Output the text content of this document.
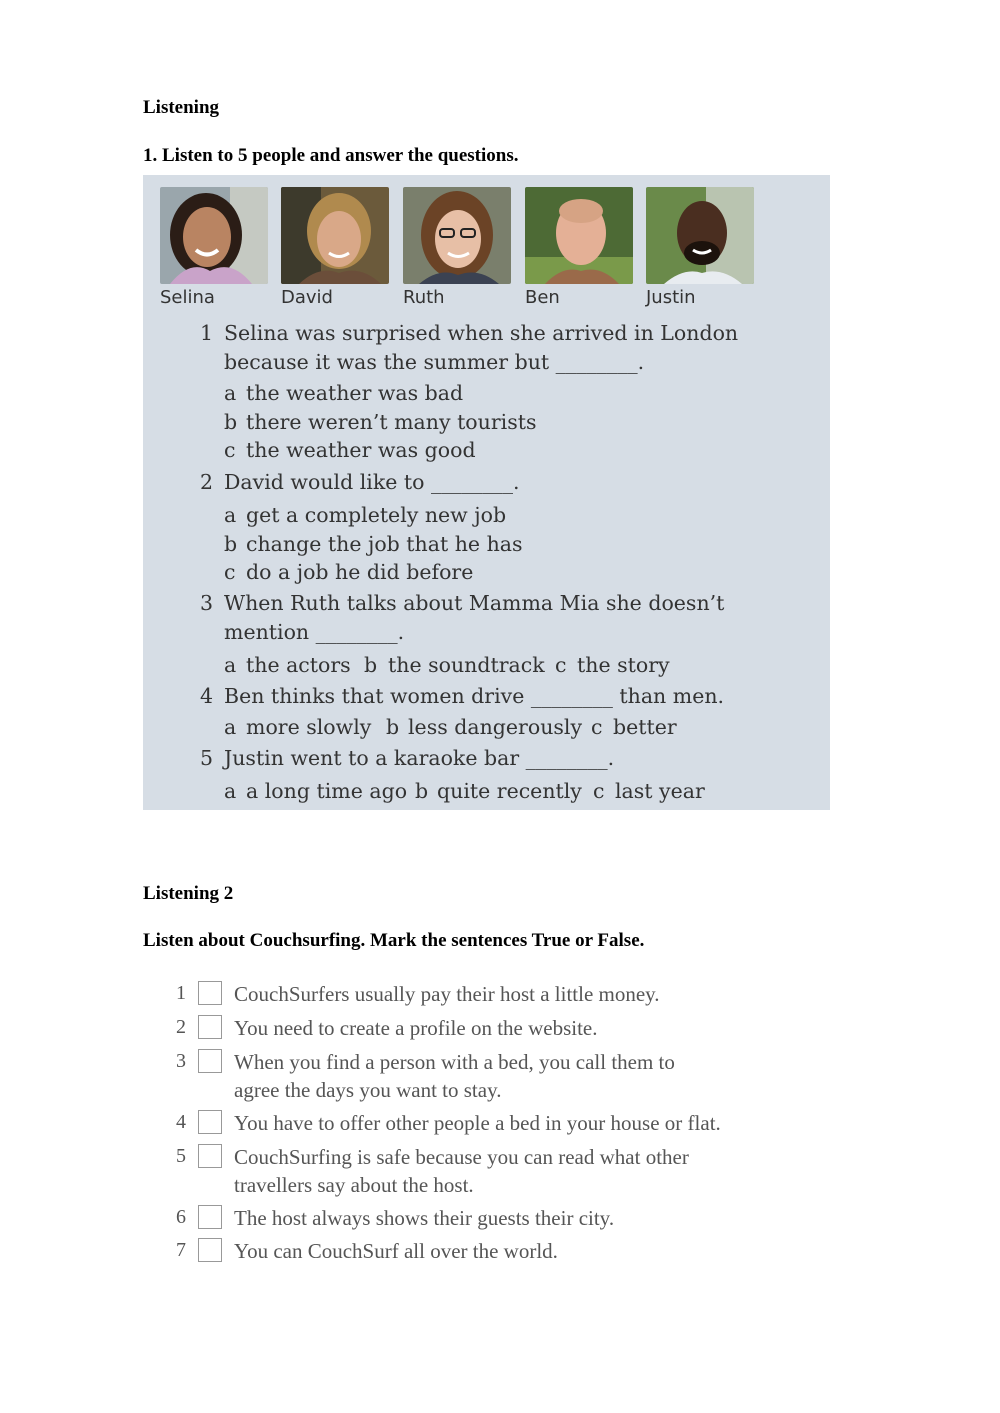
Listening
1. Listen to 5 people and answer the questions.
Selina	David	Ruth	Ben	Justin
1 Selina was surprised when she arrived in London
because it was the summer but ________.
a the weather was bad
b there weren’t many tourists
c the weather was good
2 David would like to ________.
a get a completely new job
b change the job that he has
c do a job he did before
3 When Ruth talks about Mamma Mia she doesn’t
mention ________.
a the actors b the soundtrack c the story
4 Ben thinks that women drive ________ than men.
a more slowly b less dangerously c better
5 Justin went to a karaoke bar ________.
a a long time ago b quite recently c last year
Listening 2
Listen about Couchsurfing. Mark the sentences True or False.
1 CouchSurfers usually pay their host a little money.
2 You need to create a profile on the website.
3 When you find a person with a bed, you call them to
agree the days you want to stay.
4 You have to offer other people a bed in your house or flat.
5 CouchSurfing is safe because you can read what other
travellers say about the host.
6 The host always shows their guests their city.
7 You can CouchSurf all over the world.
